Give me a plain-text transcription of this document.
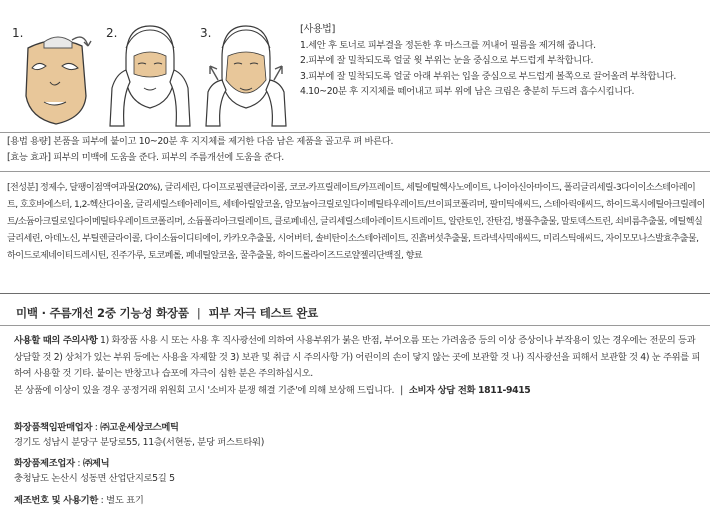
1.	2.	3.	[사용법]
1. 세안 후 토너로 피부결을 정돈한 후 마스크를 꺼내어 필름을 제거해 줍니다.
2. 피부에 잘 밀착되도록 얼굴 윗 부위는 눈을 중심으로 부드럽게 부착합니다.
3. 피부에 잘 밀착되도록 얼굴 아래 부위는 입을 중심으로 부드럽게 볼쪽으로 끌어올려 부착합니다.
4. 10~20분 후 지지체를 떼어내고 피부 위에 남은 크림은 충분히 두드려 흡수시킵니다.
[용법 용량] 본품을 피부에 붙이고 10~20분 후 지지체를 제거한 다음 남은 제품을 골고루 펴 바른다.
[효능 효과] 피부의 미백에 도움을 준다. 피부의 주름개선에 도움을 준다.
[전성분] 정제수, 달팽이점액여과물(20%), 글리세린, 다이프로필렌글라이콜, 코코-카프릴레이트/카프레이트, 세틸에틸헥사노에이트, 나이아신아마이드, 폴리글리세릴-3다이이소스테아레이트, 호호바에스터, 1,2-헥산다이올, 글리세릴스테아레이트, 세테아릴알코올, 암모늄아크릴로일다이메틸타우레이트/브이피코폴리머, 팔미틱애씨드, 스테아릭애씨드, 하이드록시에틸아크릴레이트/소듐아크릴로일다이메틸타우레이트코폴리머, 소듐폴리아크릴레이트, 클로페네신, 글리세릴스테아레이트시트레이트, 알란토인, 잔탄검, 병풀추출물, 말토덱스트린, 쇠비름추출물, 에틸헥실글리세린, 아데노신, 부틸렌글라이콜, 다이소듐이디티에이, 카카오추출물, 시어버터, 솔비탄이소스테아레이트, 진흙버섯추출물, 트라넥사믹애씨드, 미리스틱애씨드, 자이모모나스발효추출물, 하이드로제네이티드레시틴, 진주가루, 토코페롤, 페네틸알코올, 꿀추출물, 하이드롤라이즈드로얄젤리단백질, 향료
미백 · 주름개선 2중 기능성 화장품 | 피부 자극 테스트 완료
사용할 때의 주의사항 1) 화장품 사용 시 또는 사용 후 직사광선에 의하여 사용부위가 붉은 반점, 부어오름 또는 가려움증 등의 이상 증상이나 부작용이 있는 경우에는 전문의 등과 상담할 것 2) 상처가 있는 부위 등에는 사용을 자제할 것 3) 보관 및 취급 시 주의사항 가) 어린이의 손이 닿지 않는 곳에 보관할 것 나) 직사광선을 피해서 보관할 것 4) 눈 주위를 피하여 사용할 것 기타. 붙이는 반창고나 습포에 자극이 심한 분은 주의하십시오.
본 상품에 이상이 있을 경우 공정거래 위원회 고시 '소비자 분쟁 해결 기준'에 의해 보상해 드립니다. | 소비자 상담 전화 1811-9415
화장품책임판매업자 : ㈜고운세상코스메틱
경기도 성남시 분당구 분당로55, 11층(서현동, 분당 퍼스트타워)
화장품제조업자 : ㈜제닉
충청남도 논산시 성동면 산업단지로5길 5
제조번호 및 사용기한 : 별도 표기
